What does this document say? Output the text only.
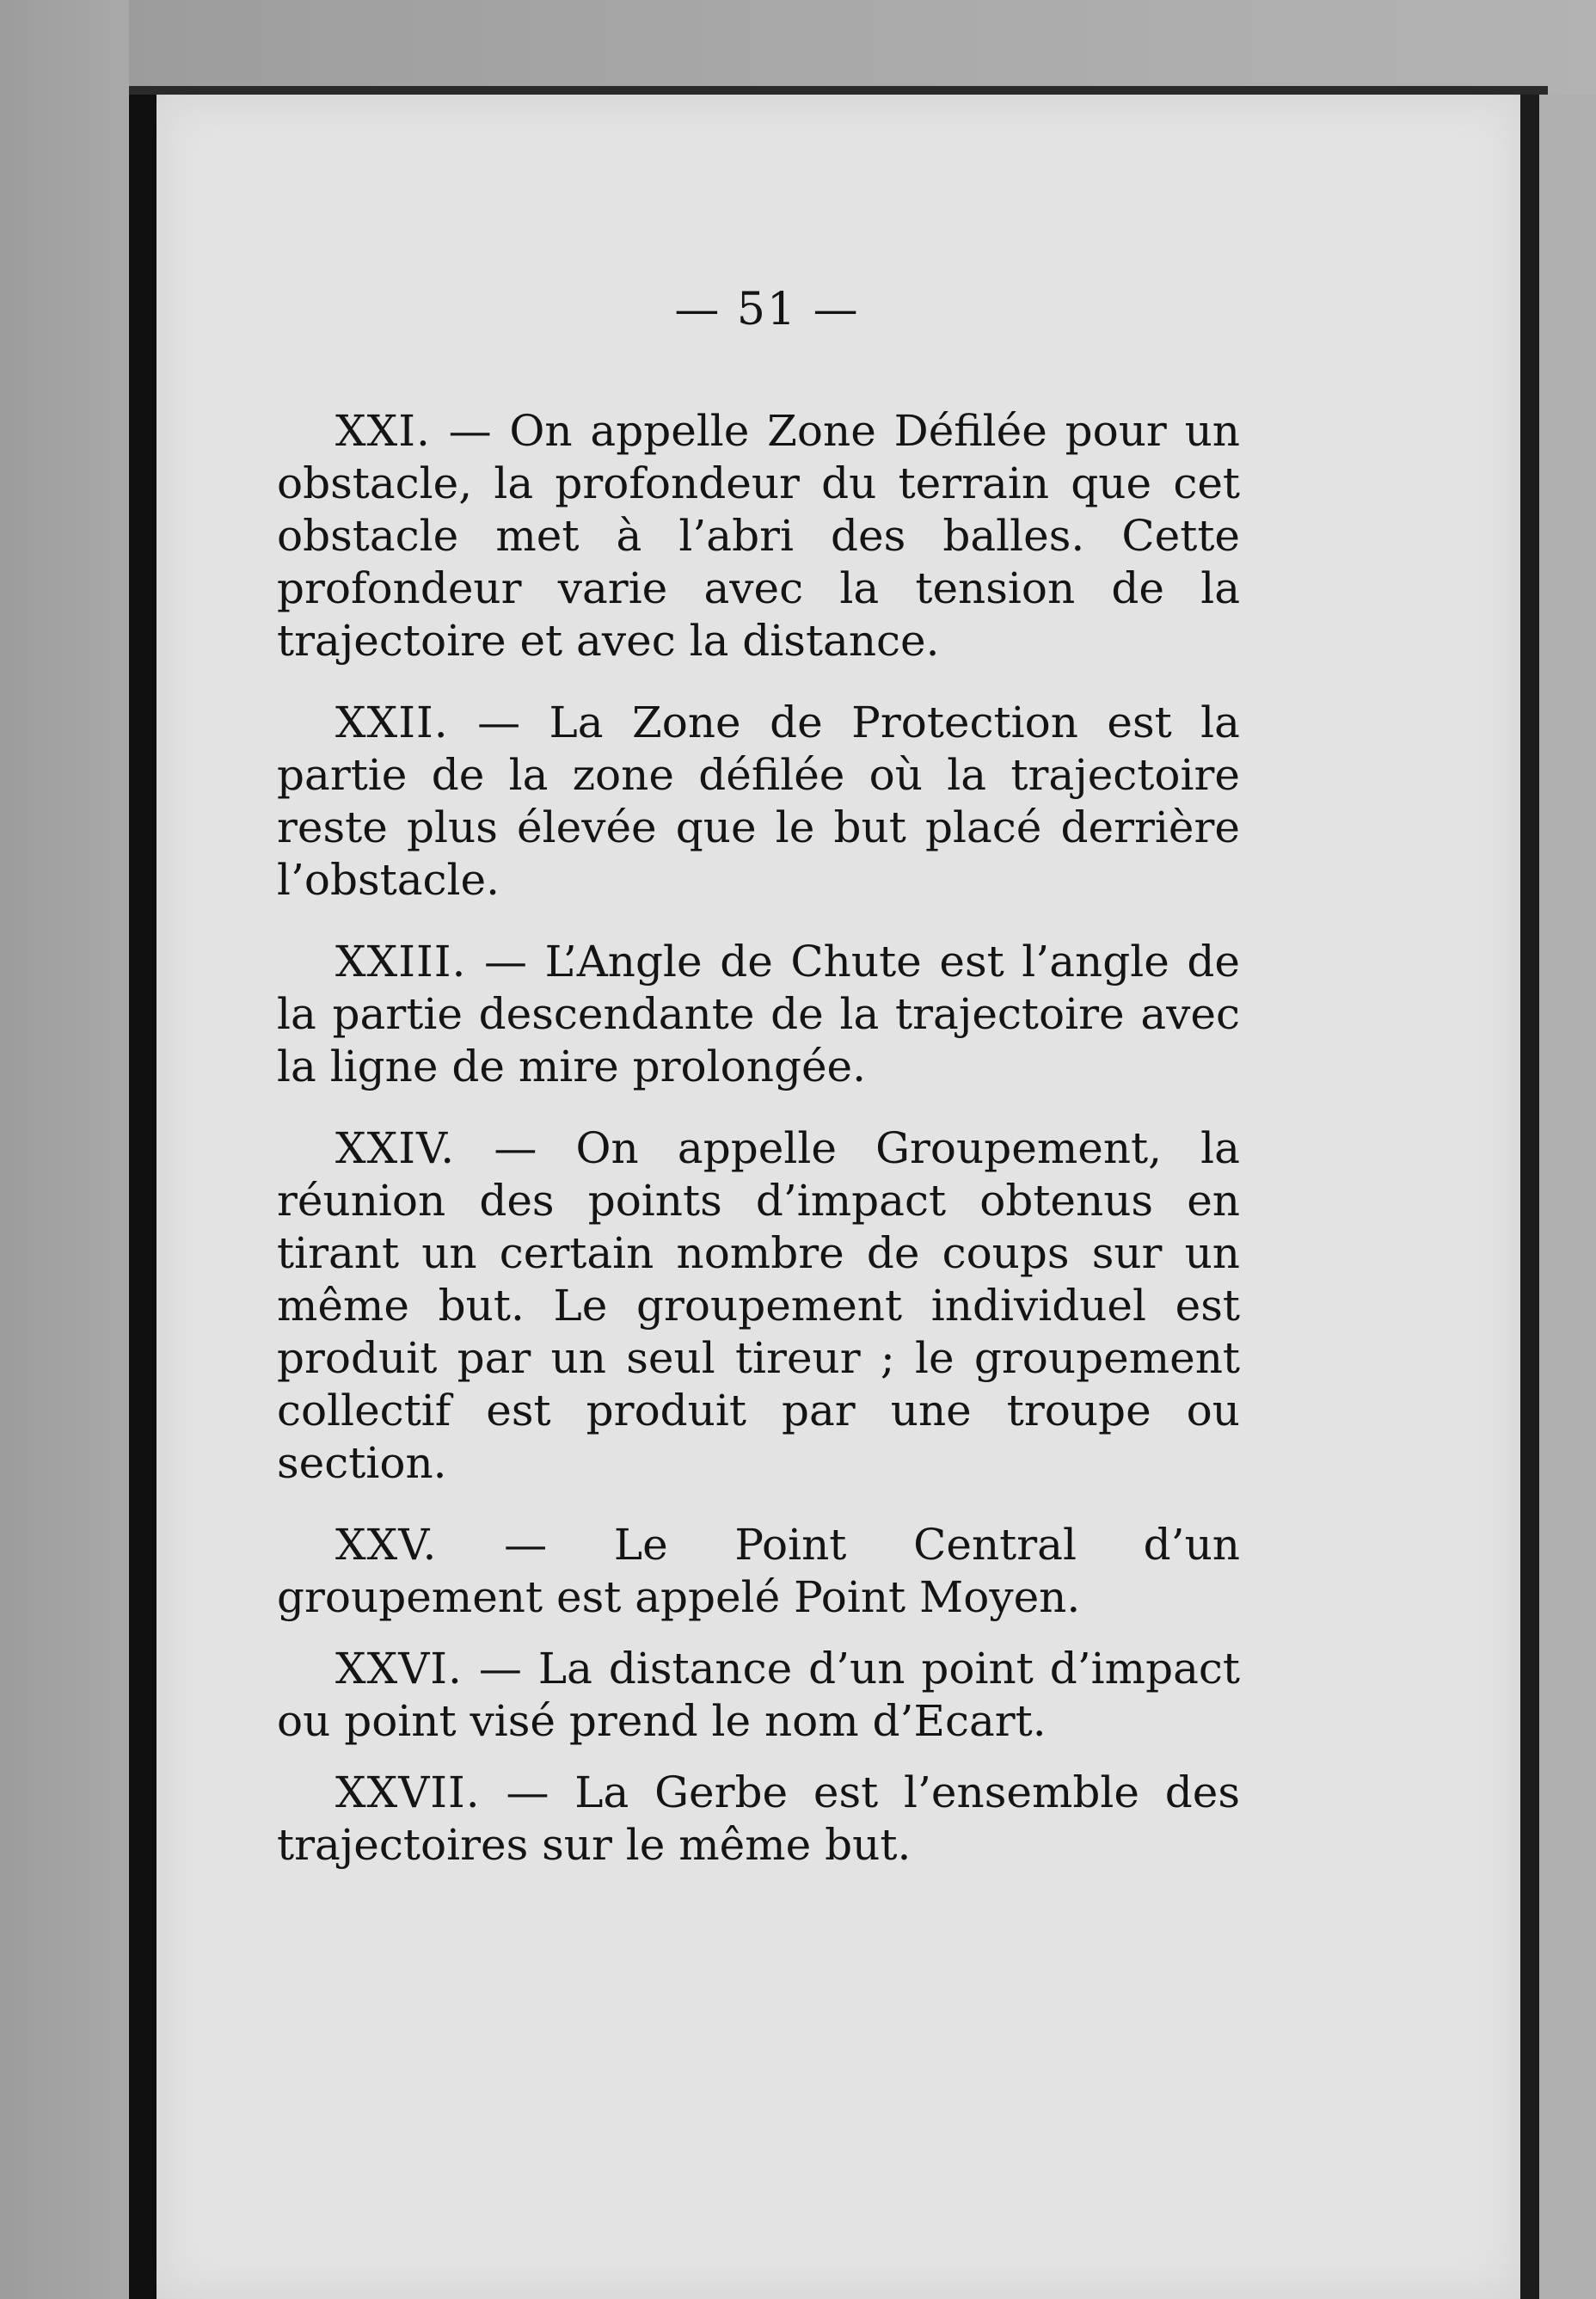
— 51 —

XXI. — On appelle Zone Défilée pour un obstacle, la profondeur du terrain que cet obstacle met à l’abri des balles. Cette profondeur varie avec la tension de la trajectoire et avec la distance.

XXII. — La Zone de Protection est la partie de la zone défilée où la trajectoire reste plus élevée que le but placé derrière l’obstacle.

XXIII. — L’Angle de Chute est l’angle de la partie descendante de la trajectoire avec la ligne de mire prolongée.

XXIV. — On appelle Groupement, la réunion des points d’impact obtenus en tirant un certain nombre de coups sur un même but. Le groupement individuel est produit par un seul tireur ; le groupement collectif est produit par une troupe ou section.

XXV. — Le Point Central d’un groupement est appelé Point Moyen.

XXVI. — La distance d’un point d’impact ou point visé prend le nom d’Ecart.

XXVII. — La Gerbe est l’ensemble des trajectoires sur le même but.
